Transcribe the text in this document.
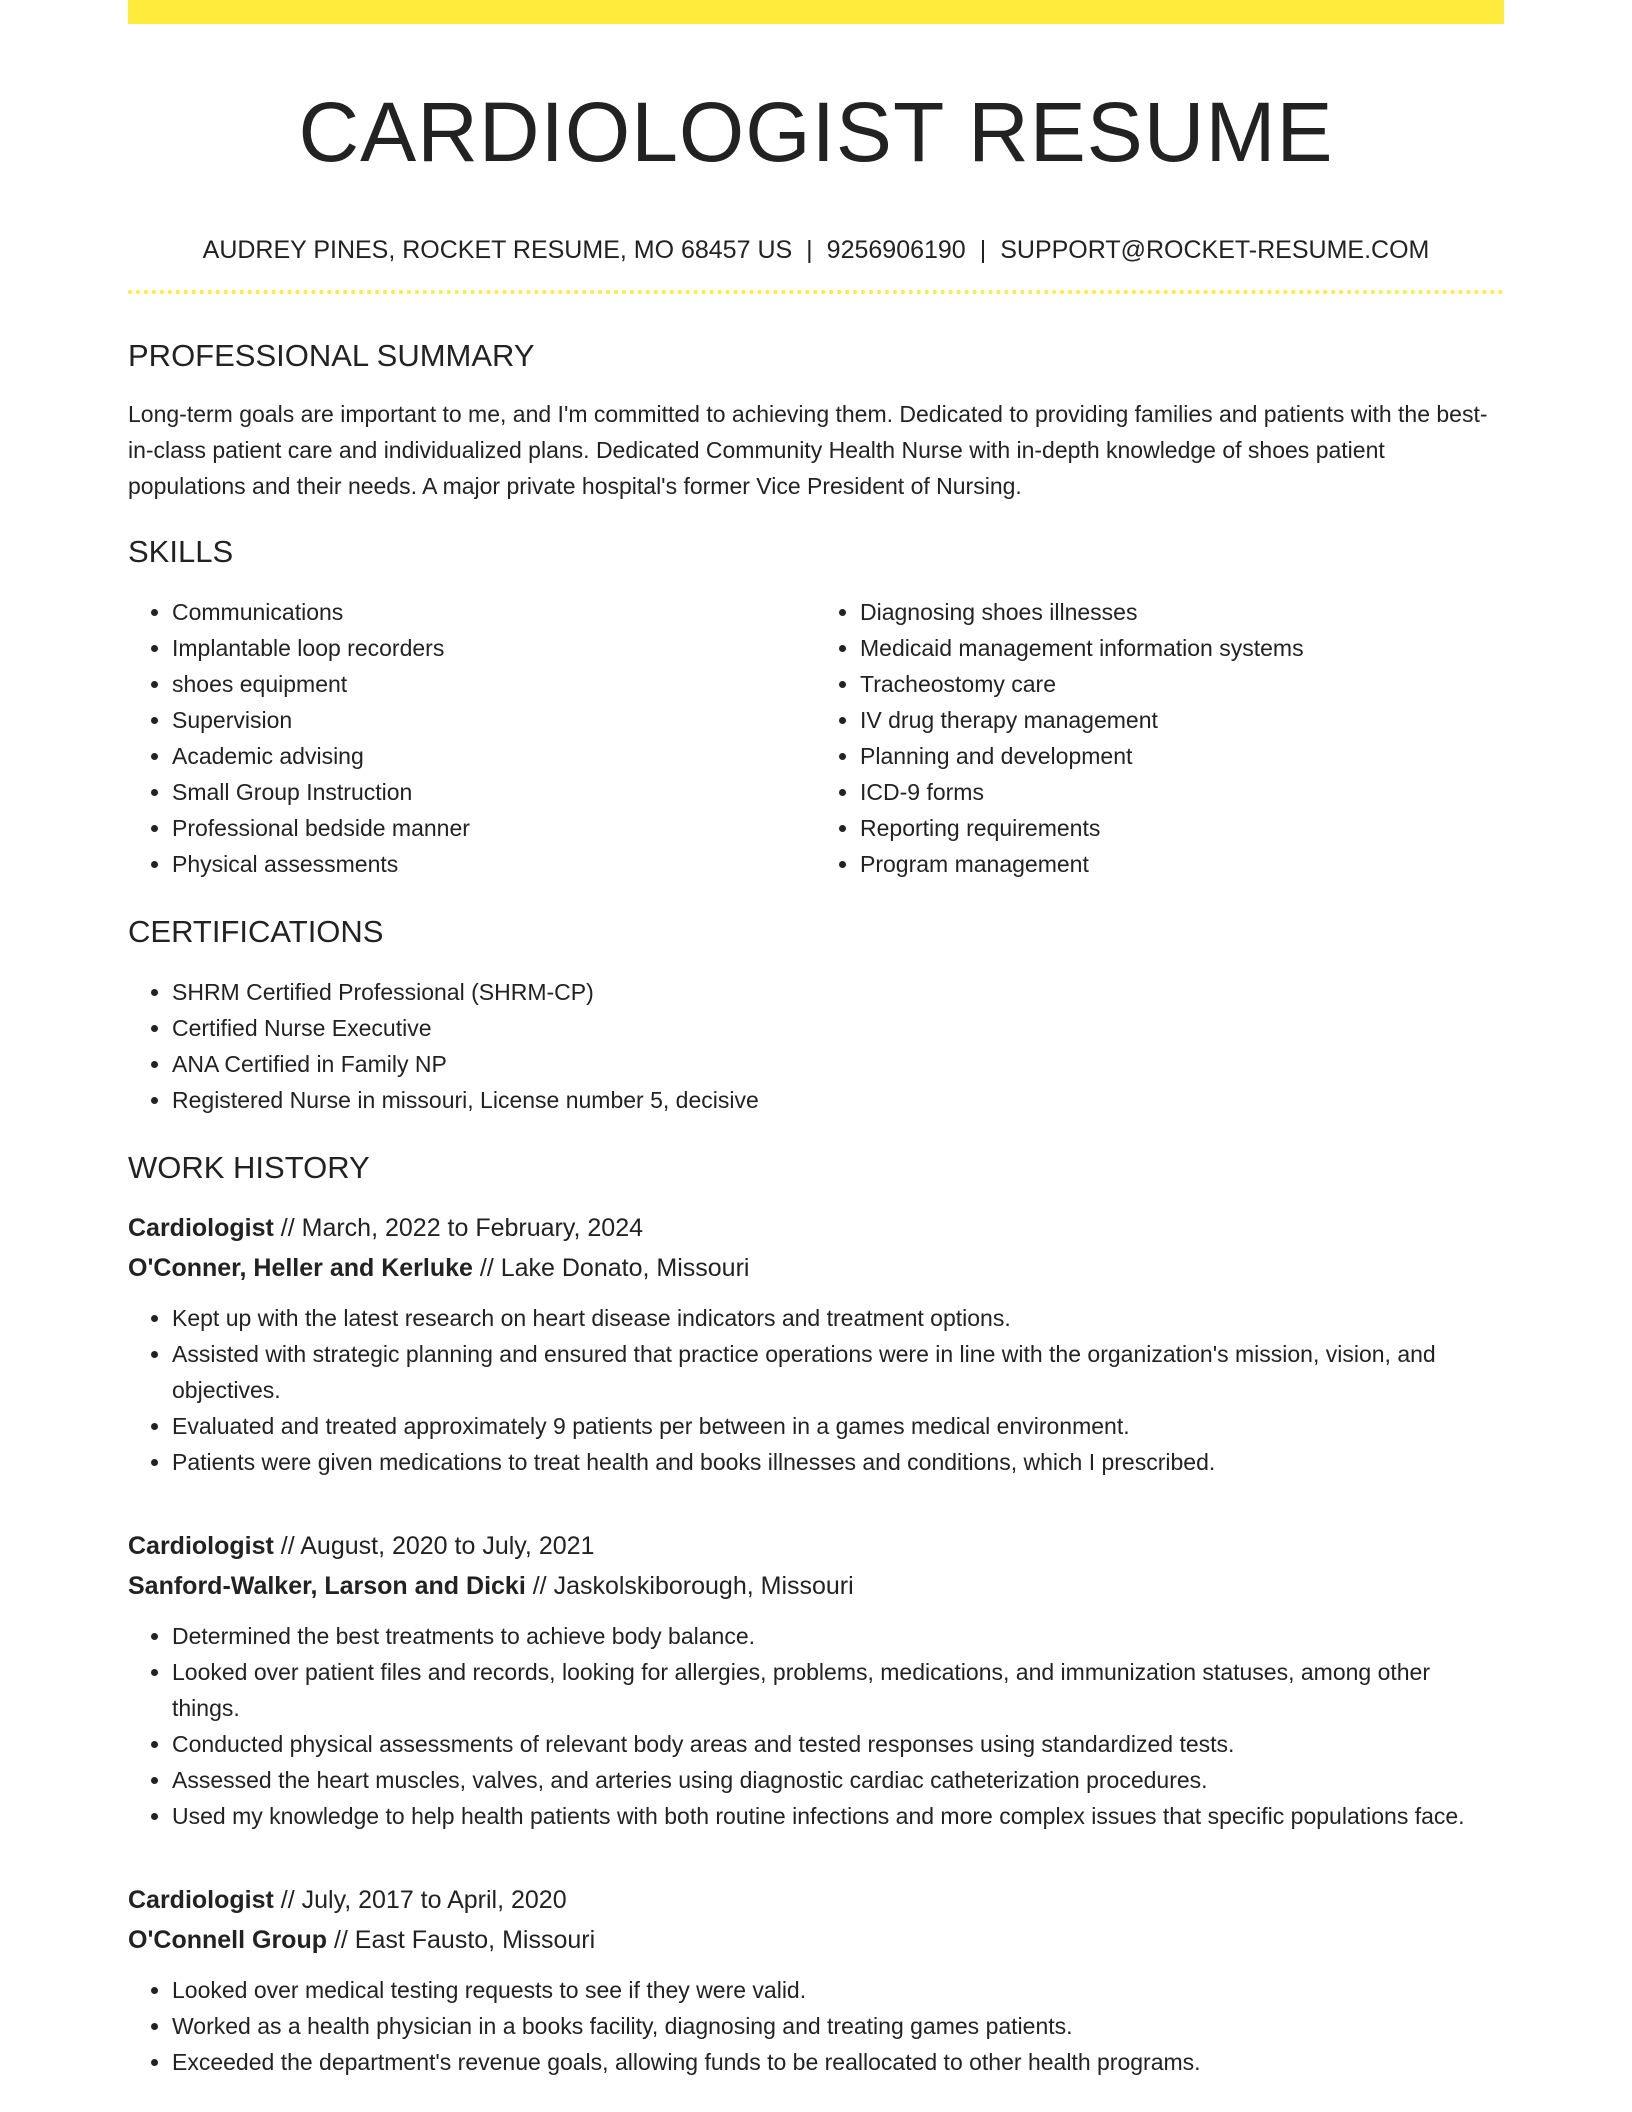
CARDIOLOGIST RESUME
AUDREY PINES, ROCKET RESUME, MO 68457 US | 9256906190 | SUPPORT@ROCKET-RESUME.COM
PROFESSIONAL SUMMARY
Long-term goals are important to me, and I'm committed to achieving them. Dedicated to providing families and patients with the best-in-class patient care and individualized plans. Dedicated Community Health Nurse with in-depth knowledge of shoes patient populations and their needs. A major private hospital's former Vice President of Nursing.
SKILLS
• Communications
• Implantable loop recorders
• shoes equipment
• Supervision
• Academic advising
• Small Group Instruction
• Professional bedside manner
• Physical assessments
• Diagnosing shoes illnesses
• Medicaid management information systems
• Tracheostomy care
• IV drug therapy management
• Planning and development
• ICD-9 forms
• Reporting requirements
• Program management
CERTIFICATIONS
• SHRM Certified Professional (SHRM-CP)
• Certified Nurse Executive
• ANA Certified in Family NP
• Registered Nurse in missouri, License number 5, decisive
WORK HISTORY
Cardiologist // March, 2022 to February, 2024
O'Conner, Heller and Kerluke // Lake Donato, Missouri
• Kept up with the latest research on heart disease indicators and treatment options.
• Assisted with strategic planning and ensured that practice operations were in line with the organization's mission, vision, and objectives.
• Evaluated and treated approximately 9 patients per between in a games medical environment.
• Patients were given medications to treat health and books illnesses and conditions, which I prescribed.
Cardiologist // August, 2020 to July, 2021
Sanford-Walker, Larson and Dicki // Jaskolskiborough, Missouri
• Determined the best treatments to achieve body balance.
• Looked over patient files and records, looking for allergies, problems, medications, and immunization statuses, among other things.
• Conducted physical assessments of relevant body areas and tested responses using standardized tests.
• Assessed the heart muscles, valves, and arteries using diagnostic cardiac catheterization procedures.
• Used my knowledge to help health patients with both routine infections and more complex issues that specific populations face.
Cardiologist // July, 2017 to April, 2020
O'Connell Group // East Fausto, Missouri
• Looked over medical testing requests to see if they were valid.
• Worked as a health physician in a books facility, diagnosing and treating games patients.
• Exceeded the department's revenue goals, allowing funds to be reallocated to other health programs.
